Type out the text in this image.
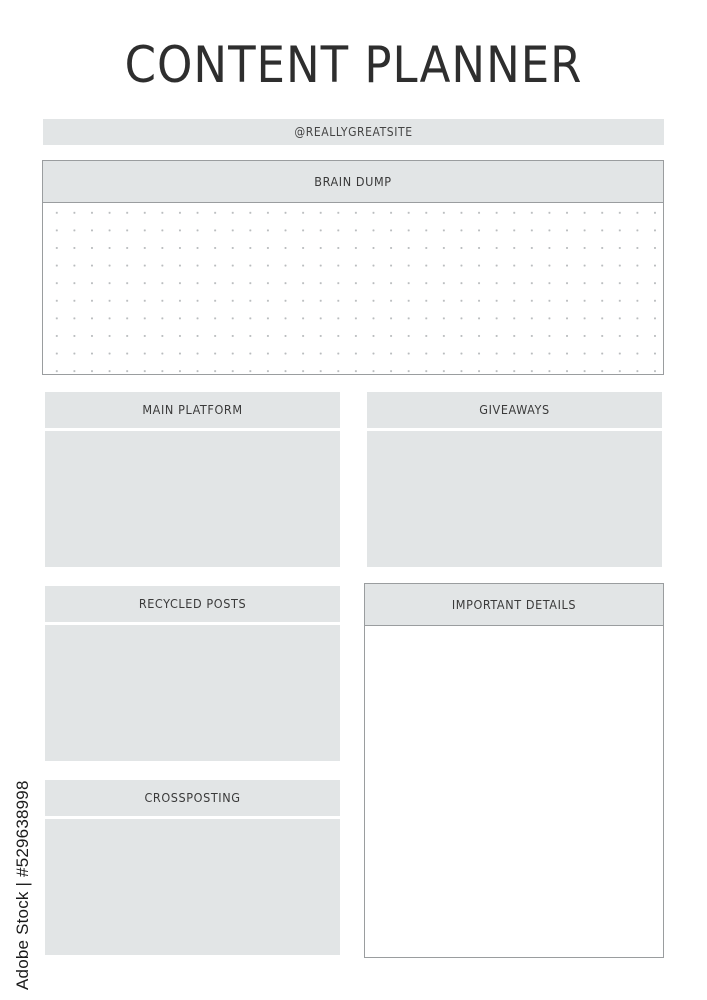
CONTENT PLANNER
@REALLYGREATSITE
BRAIN DUMP
MAIN PLATFORM	GIVEAWAYS
RECYCLED POSTS	IMPORTANT DETAILS
CROSSPOSTING
Adobe Stock | #529638998
